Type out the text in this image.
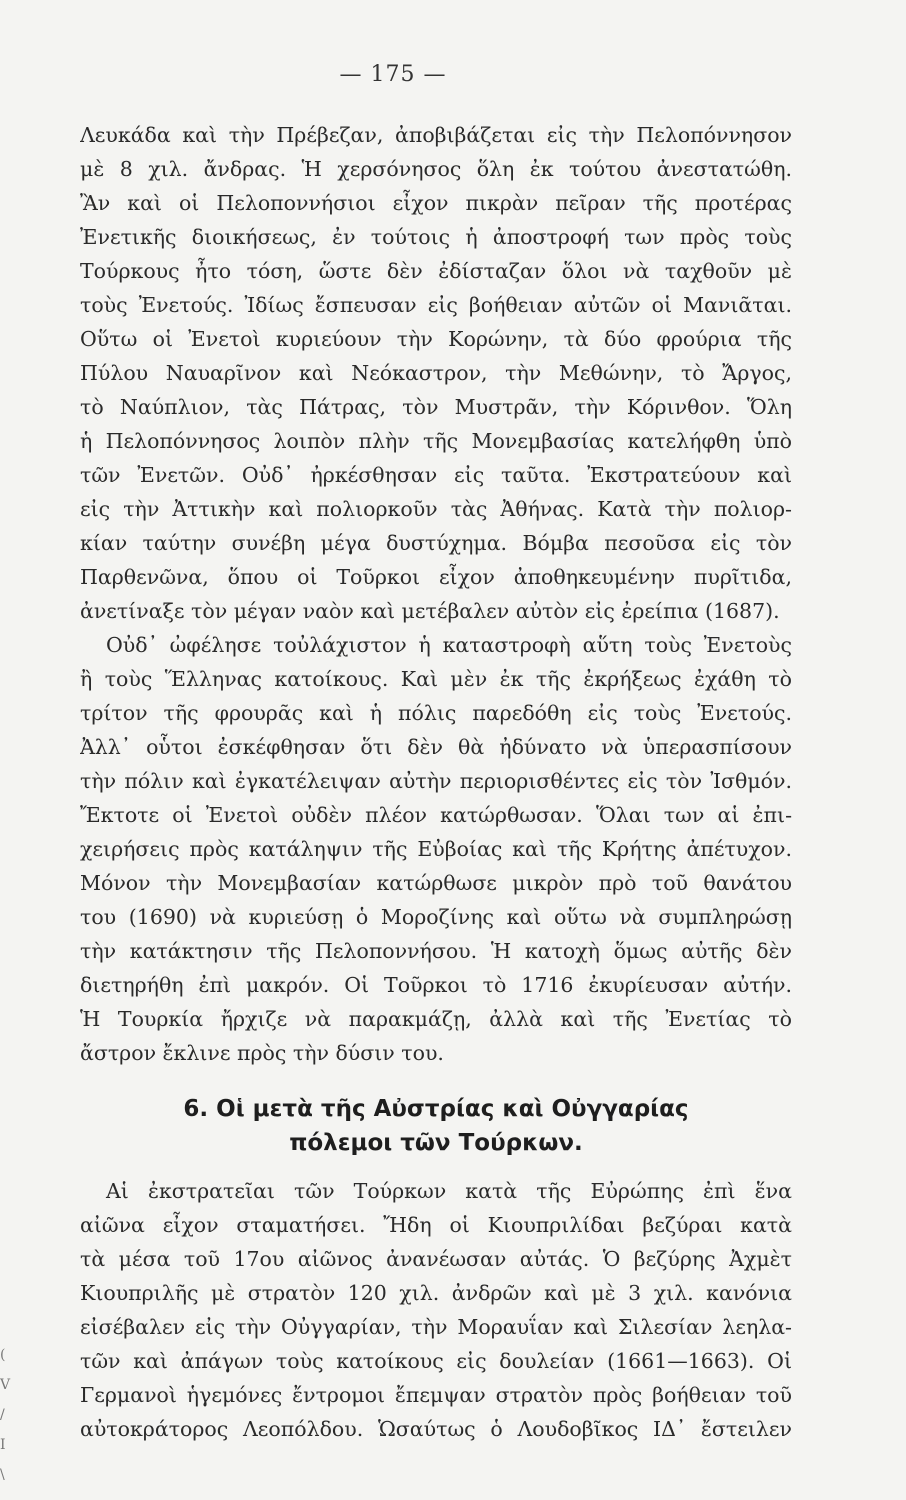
— 175 —
Λευκάδα καὶ τὴν Πρέβεζαν, ἀποβιβάζεται εἰς τὴν Πελοπόννησον
μὲ 8 χιλ. ἄνδρας. Ἡ χερσόνησος ὅλη ἐκ τούτου ἀνεστατώθη.
Ἂν καὶ οἱ Πελοποννήσιοι εἶχον πικρὰν πεῖραν τῆς προτέρας
Ἐνετικῆς διοικήσεως, ἐν τούτοις ἡ ἀποστροφή των πρὸς τοὺς
Τούρκους ἦτο τόση, ὥστε δὲν ἐδίσταζαν ὅλοι νὰ ταχθοῦν μὲ
τοὺς Ἐνετούς. Ἰδίως ἔσπευσαν εἰς βοήθειαν αὐτῶν οἱ Μανιᾶται.
Οὕτω οἱ Ἐνετοὶ κυριεύουν τὴν Κορώνην, τὰ δύο φρούρια τῆς
Πύλου Ναυαρῖνον καὶ Νεόκαστρον, τὴν Μεθώνην, τὸ Ἄργος,
τὸ Ναύπλιον, τὰς Πάτρας, τὸν Μυστρᾶν, τὴν Κόρινθον. Ὅλη
ἡ Πελοπόννησος λοιπὸν πλὴν τῆς Μονεμβασίας κατελήφθη ὑπὸ
τῶν Ἐνετῶν. Οὐδ᾽ ἠρκέσθησαν εἰς ταῦτα. Ἐκστρατεύουν καὶ
εἰς τὴν Ἀττικὴν καὶ πολιορκοῦν τὰς Ἀθήνας. Κατὰ τὴν πολιορ-
κίαν ταύτην συνέβη μέγα δυστύχημα. Βόμβα πεσοῦσα εἰς τὸν
Παρθενῶνα, ὅπου οἱ Τοῦρκοι εἶχον ἀποθηκευμένην πυρῖτιδα,
ἀνετίναξε τὸν μέγαν ναὸν καὶ μετέβαλεν αὐτὸν εἰς ἐρείπια (1687).
Οὐδ᾽ ὠφέλησε τοὐλάχιστον ἡ καταστροφὴ αὕτη τοὺς Ἐνετοὺς
ἢ τοὺς Ἕλληνας κατοίκους. Καὶ μὲν ἐκ τῆς ἐκρήξεως ἐχάθη τὸ
τρίτον τῆς φρουρᾶς καὶ ἡ πόλις παρεδόθη εἰς τοὺς Ἐνετούς.
Ἀλλ᾽ οὗτοι ἐσκέφθησαν ὅτι δὲν θὰ ἠδύνατο νὰ ὑπερασπίσουν
τὴν πόλιν καὶ ἐγκατέλειψαν αὐτὴν περιορισθέντες εἰς τὸν Ἰσθμόν.
Ἔκτοτε οἱ Ἐνετοὶ οὐδὲν πλέον κατώρθωσαν. Ὅλαι των αἱ ἐπι-
χειρήσεις πρὸς κατάληψιν τῆς Εὐβοίας καὶ τῆς Κρήτης ἀπέτυχον.
Μόνον τὴν Μονεμβασίαν κατώρθωσε μικρὸν πρὸ τοῦ θανάτου
του (1690) νὰ κυριεύσῃ ὁ Μοροζίνης καὶ οὕτω νὰ συμπληρώσῃ
τὴν κατάκτησιν τῆς Πελοποννήσου. Ἡ κατοχὴ ὅμως αὐτῆς δὲν
διετηρήθη ἐπὶ μακρόν. Οἱ Τοῦρκοι τὸ 1716 ἐκυρίευσαν αὐτήν.
Ἡ Τουρκία ἤρχιζε νὰ παρακμάζῃ, ἀλλὰ καὶ τῆς Ἐνετίας τὸ
ἄστρον ἔκλινε πρὸς τὴν δύσιν του.
6. Οἱ μετὰ τῆς Αὐστρίας καὶ Οὐγγαρίας
πόλεμοι τῶν Τούρκων.
Αἱ ἐκστρατεῖαι τῶν Τούρκων κατὰ τῆς Εὐρώπης ἐπὶ ἕνα
αἰῶνα εἶχον σταματήσει. Ἤδη οἱ Κιουπριλίδαι βεζύραι κατὰ
τὰ μέσα τοῦ 17ου αἰῶνος ἀνανέωσαν αὐτάς. Ὁ βεζύρης Ἀχμὲτ
Κιουπριλῆς μὲ στρατὸν 120 χιλ. ἀνδρῶν καὶ μὲ 3 χιλ. κανόνια
εἰσέβαλεν εἰς τὴν Οὐγγαρίαν, τὴν Μοραυΐαν καὶ Σιλεσίαν λεηλα-
τῶν καὶ ἀπάγων τοὺς κατοίκους εἰς δουλείαν (1661—1663). Οἱ
Γερμανοὶ ἡγεμόνες ἔντρομοι ἔπεμψαν στρατὸν πρὸς βοήθειαν τοῦ
αὐτοκράτορος Λεοπόλδου. Ὡσαύτως ὁ Λουδοβῖκος ΙΔ᾽ ἔστειλεν
(
V
/
I
\
